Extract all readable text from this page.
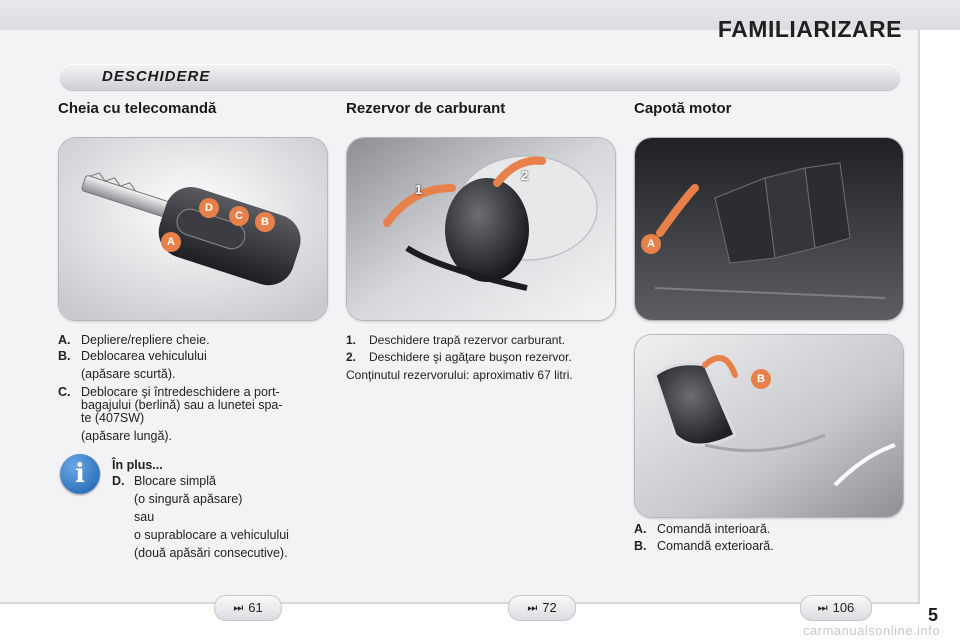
FAMILIARIZARE
DESCHIDERE
Cheia cu telecomandă	Rezervor de carburant	Capotă motor
A
B
C
D
1
2
A
B
A. Depliere/repliere cheie.
B. Deblocarea vehiculului
(apăsare scurtă).
C. Deblocare şi întredeschidere a port-
bagajului (berlină) sau a lunetei spa-
te (407SW)
(apăsare lungă).
i	În plus...
D. Blocare simplă
(o singură apăsare)
sau
o suprablocare a vehiculului
(două apăsări consecutive).
1. Deschidere trapă rezervor carburant.
2. Deschidere şi agăţare buşon rezervor.
Conţinutul rezervorului: aproximativ 67 litri.
A. Comandă interioară.
B. Comandă exterioară.
⏭ 61	⏭ 72	⏭ 106	5
carmanualsonline.info
